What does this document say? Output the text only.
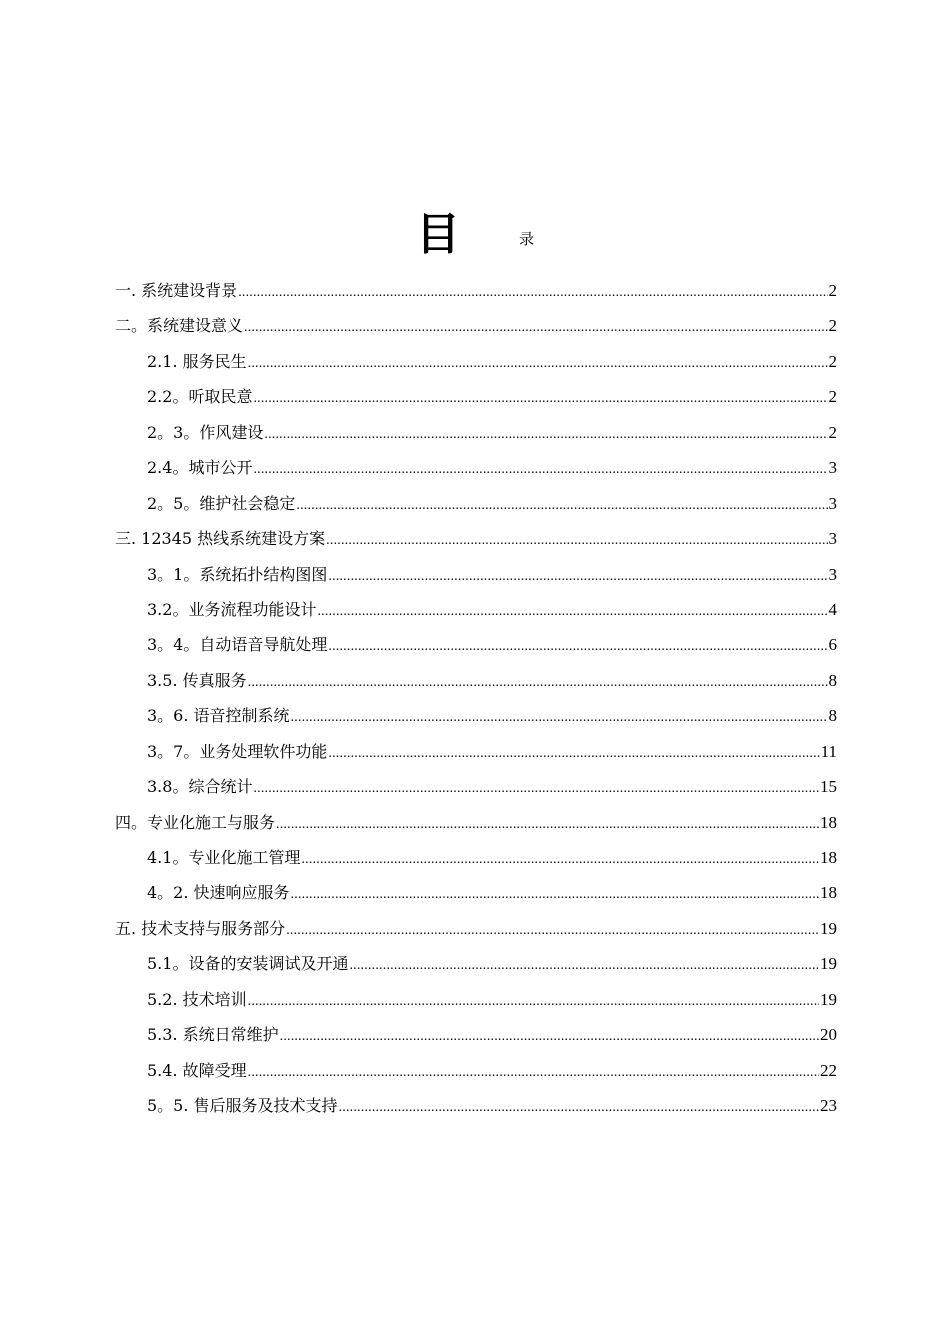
目	录
一. 系统建设背景 .....	2
二。系统建设意义 .....	2
2.1. 服务民生 .....	2
2.2。听取民意 .....	2
2。3。作风建设 .....	2
2.4。城市公开 .....	3
2。5。维护社会稳定 .....	3
三. 12345 热线系统建设方案 .....	3
3。1。系统拓扑结构图图 .....	3
3.2。业务流程功能设计 .....	4
3。4。自动语音导航处理 .....	6
3.5. 传真服务 .....	8
3。6. 语音控制系统 .....	8
3。7。业务处理软件功能 .....	11
3.8。综合统计 .....	15
四。专业化施工与服务 .....	18
4.1。专业化施工管理 .....	18
4。2. 快速响应服务 .....	18
五. 技术支持与服务部分 .....	19
5.1。设备的安装调试及开通 .....	19
5.2. 技术培训 .....	19
5.3. 系统日常维护 .....	20
5.4. 故障受理 .....	22
5。5. 售后服务及技术支持 .....	23
